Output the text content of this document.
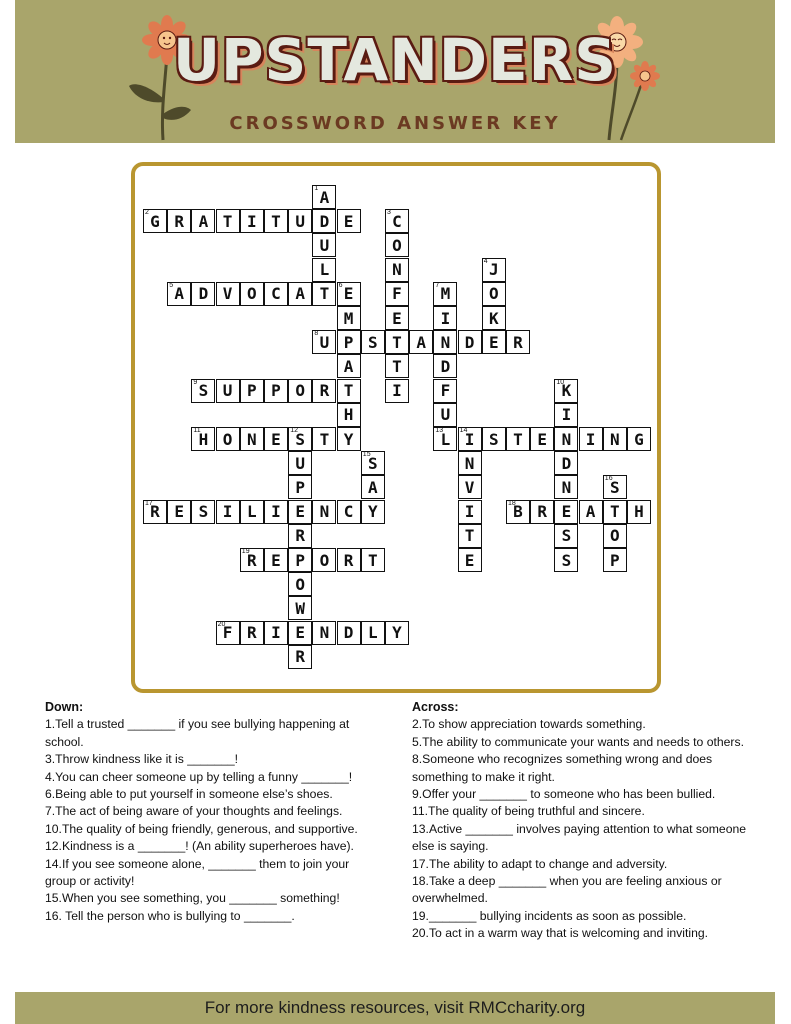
UPSTANDERS
CROSSWORD ANSWER KEY
1 A
D
U
L
T
2 G R A T I T U	E	3 C
O
N
F
E
T
T
I
4 J
O
K
E
5 A D V O C A	6 E
M
P
A
T
H
Y
7 M
I
N
D
F
U
13
L
8 U	S	A	D	R
9 S U P P O R	10
K
I
N
D
N
E
S
S
11
H O N E	12
S T
U
P
E
R
P
O
W
E
R
14
I S T E	I N G
N
V
I
T
E
15
S
A
Y
16
S
T
O
P
17
R E S I L I	N C	18
B R	A	H
19
R E	O R T
20
F R I	N D L Y
Down:

1.Tell a trusted _______ if you see bullying happening at school.

3.Throw kindness like it is _______!

4.You can cheer someone up by telling a funny _______!

6.Being able to put yourself in someone else’s shoes.

7.The act of being aware of your thoughts and feelings.

10.The quality of being friendly, generous, and supportive.

12.Kindness is a _______! (An ability superheroes have).

14.If you see someone alone, _______ them to join your group or activity!

15.When you see something, you _______ something!

16. Tell the person who is bullying to _______.

Across:

2.To show appreciation towards something.

5.The ability to communicate your wants and needs to others.

8.Someone who recognizes something wrong and does something to make it right.

9.Offer your _______ to someone who has been bullied.

11.The quality of being truthful and sincere.

13.Active _______ involves paying attention to what someone else is saying.

17.The ability to adapt to change and adversity.

18.Take a deep _______ when you are feeling anxious or overwhelmed.

19._______ bullying incidents as soon as possible.

20.To act in a warm way that is welcoming and inviting.

For more kindness resources, visit RMCcharity.org
